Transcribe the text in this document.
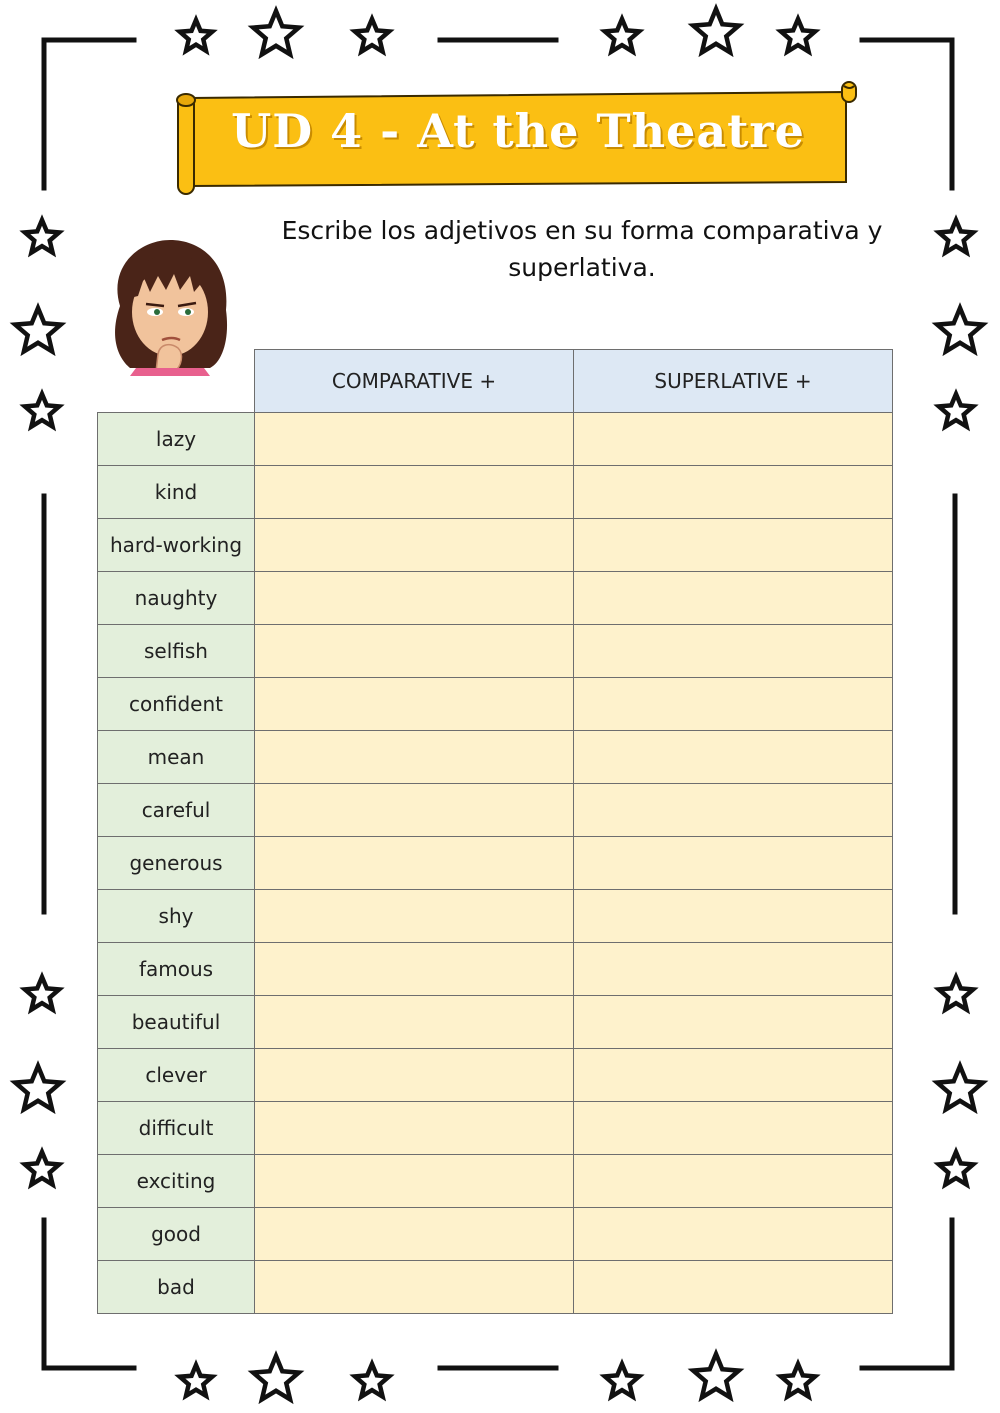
UD 4 - At the Theatre
Escribe los adjetivos en su forma comparativa y superlativa.
	COMPARATIVE +	SUPERLATIVE +
lazy		
kind		
hard-working		
naughty		
selfish		
confident		
mean		
careful		
generous		
shy		
famous		
beautiful		
clever		
difficult		
exciting		
good		
bad		
